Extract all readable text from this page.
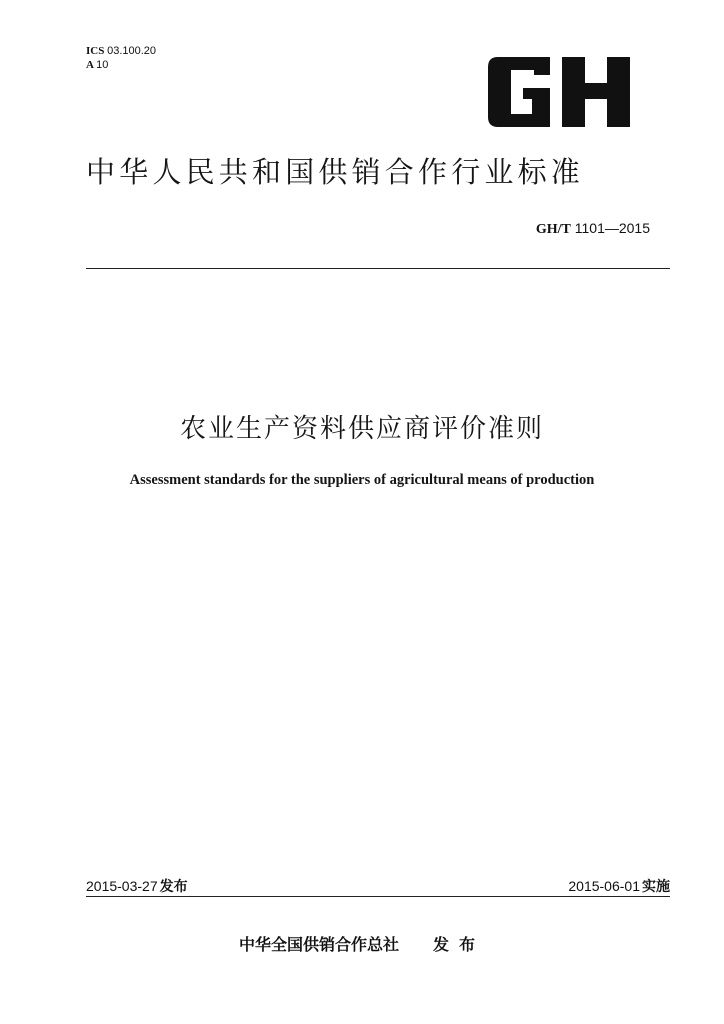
ICS 03.100.20
A 10
中华人民共和国供销合作行业标准
GH/T 1101—2015
农业生产资料供应商评价准则
Assessment standards for the suppliers of agricultural means of production
2015-03-27 发布	2015-06-01 实施
中华全国供销合作总社 发布
